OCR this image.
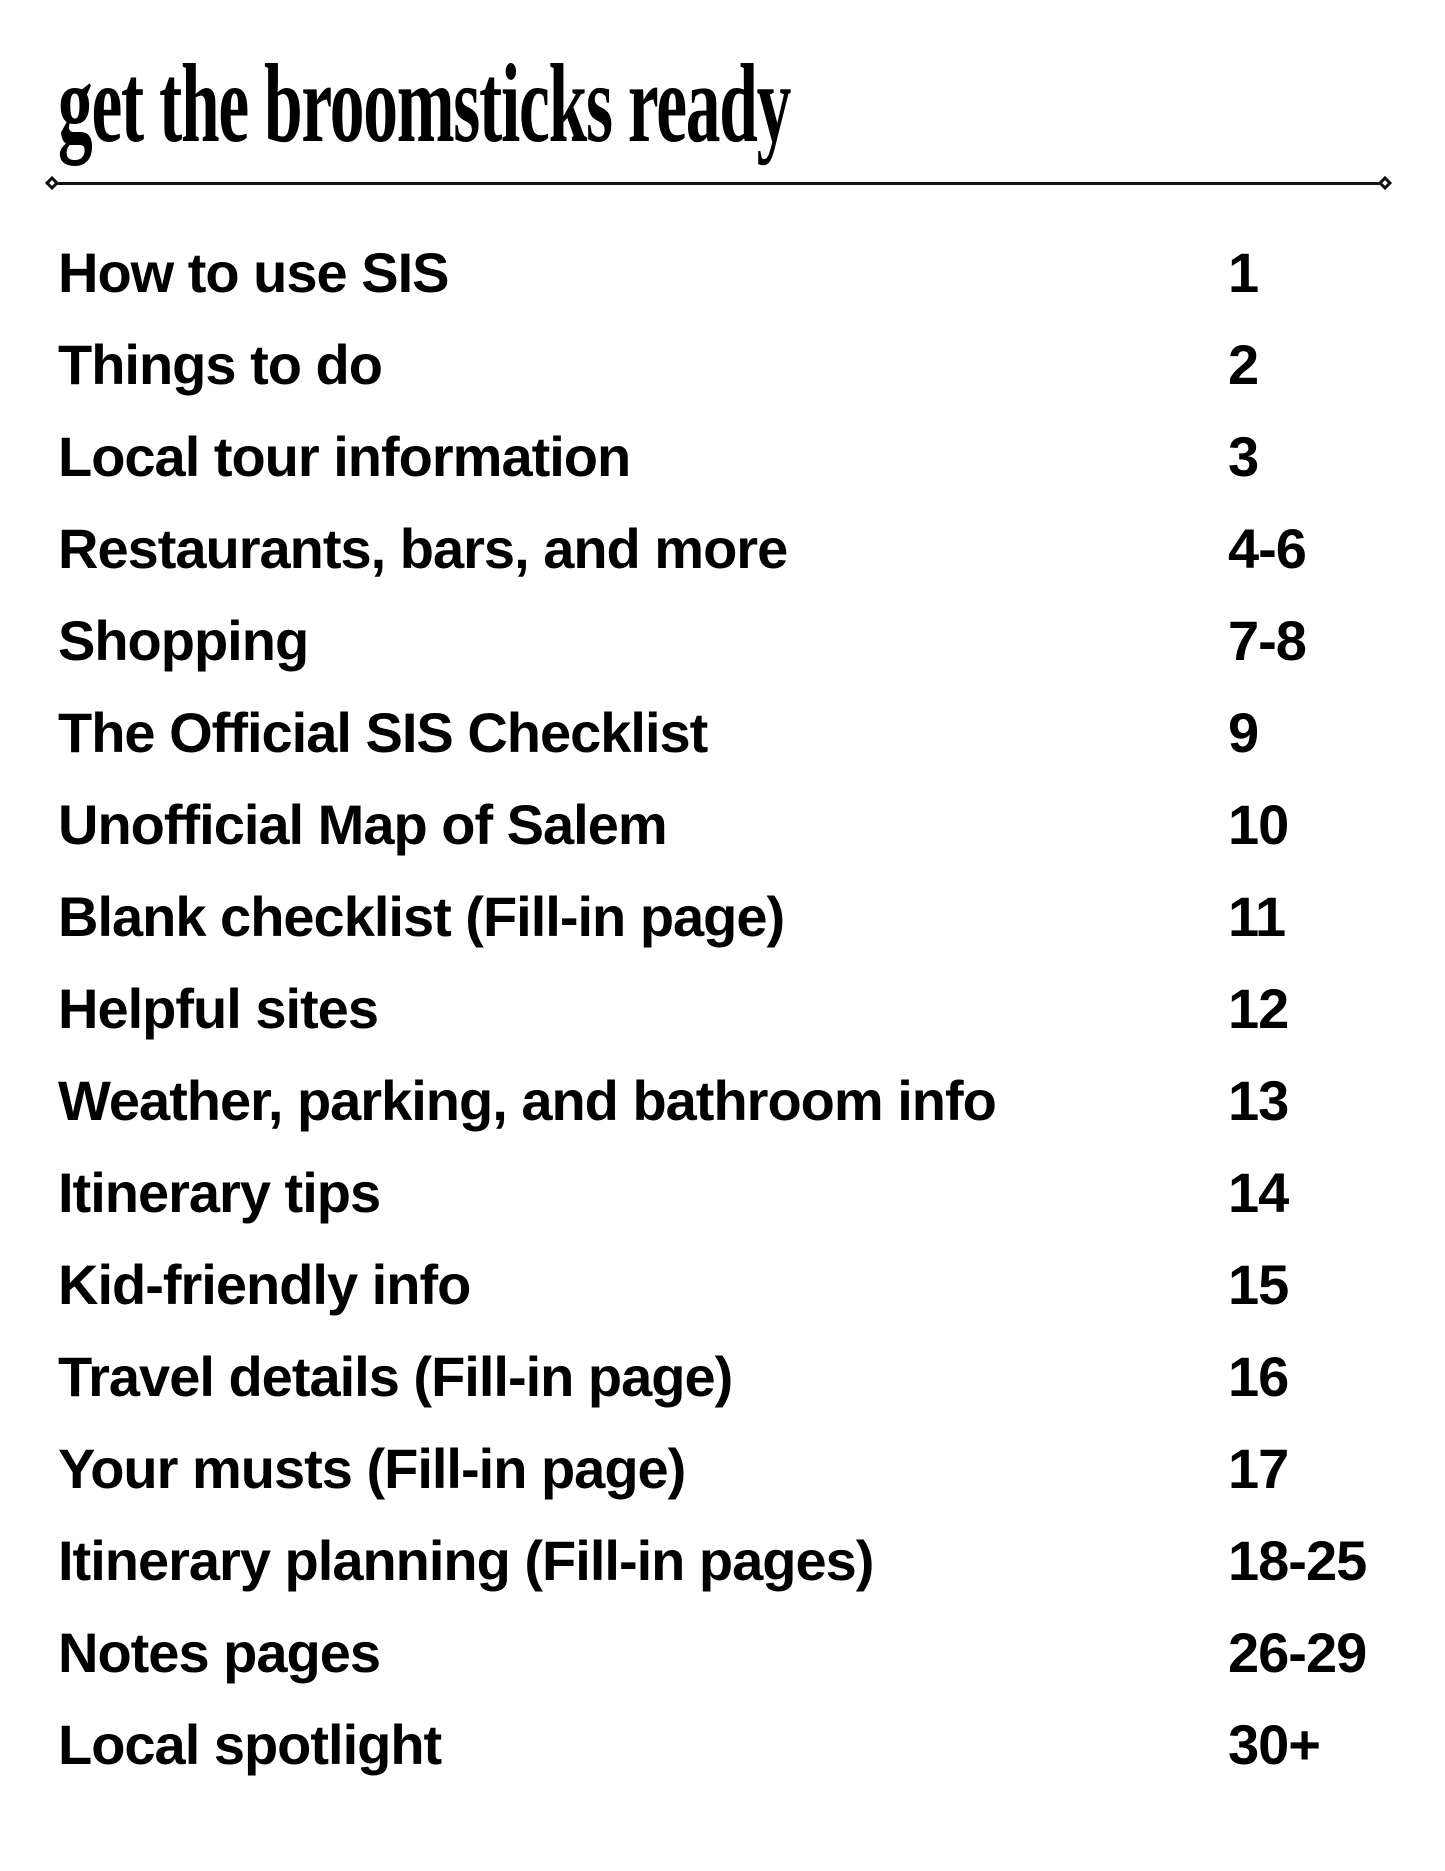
get the broomsticks ready
How to use SIS	1
Things to do	2
Local tour information	3
Restaurants, bars, and more	4-6
Shopping	7-8
The Official SIS Checklist	9
Unofficial Map of Salem	10
Blank checklist (Fill-in page)	11
Helpful sites	12
Weather, parking, and bathroom info	13
Itinerary tips	14
Kid-friendly info	15
Travel details (Fill-in page)	16
Your musts (Fill-in page)	17
Itinerary planning (Fill-in pages)	18-25
Notes pages	26-29
Local spotlight	30+
